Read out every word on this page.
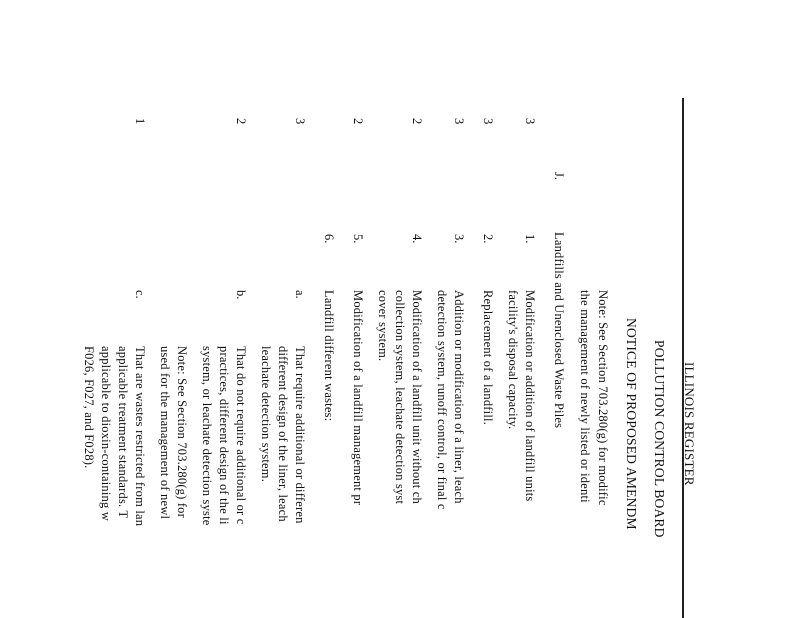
ILLINOIS REGISTER
POLLUTION CONTROL BOARD
NOTICE OF PROPOSED AMENDM
Note: See Section 703.280(g) for modific
the management of newly listed or identi
J.
Landfills and Unenclosed Waste Piles
1.
Modification or addition of landfill units
facility's disposal capacity.
2.
Replacement of a landfill.
3.
Addition or modification of a liner, leach
detection system, runoff control, or final c
4.
Modification of a landfill unit without ch
collection system, leachate detection syst
cover system.
5.
Modification of a landfill management pr
6.
Landfill different wastes:
a.
That require additional or differen
different design of the liner, leach
leachate detection system.
b.
That do not require additional or c
practices, different design of the li
system, or leachate detection syste
Note: See Section 703.280(g) for
used for the management of newl
c.
That are wastes restricted from lan
applicable treatment standards. T
applicable to dioxin-containing w
F026, F027, and F028).
3
3
3
2
2
3
2
1
